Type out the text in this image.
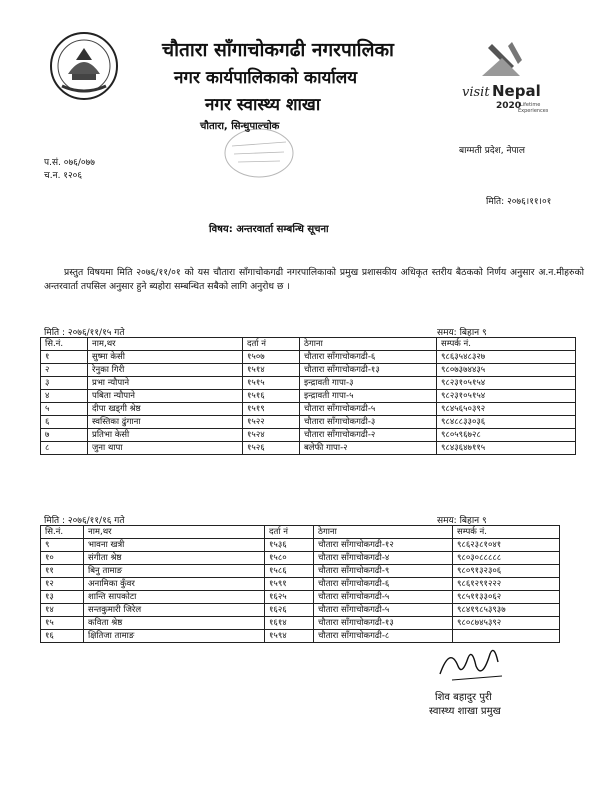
चौतारा साँगाचोकगढी नगरपालिका
नगर कार्यपालिकाको कार्यालय
नगर स्वास्थ्य शाखा
चौतारा, सिन्धुपाल्चोक
visit Nepal
2020
Lifetime
Experiences
बाग्मती प्रदेश, नेपाल
प.सं. ०७६/०७७
च.न. १२०६
मिति: २०७६।११।०१
विषय: अन्तरवार्ता सम्बन्धि सूचना
प्रस्तुत विषयमा मिति २०७६/११/०१ को यस चौतारा साँगाचोकगढी नगरपालिकाको प्रमुख प्रशासकीय अधिकृत स्तरीय बैठकको निर्णय अनुसार अ.न.मीहरुको अन्तरवार्ता तपसिल अनुसार हुने ब्यहोरा सम्बन्धित सबैको लागि अनुरोध छ ।
मिति : २०७६/११/१५ गते	समय: बिहान ९
सि.नं.	नाम,थर	दर्ता नं	ठेगाना	सम्पर्क नं.
१	सुष्मा केसी	१५०७	चौतारा साँगाचोकगढी-६	९८६३५४८३२७
२	रेनुका गिरी	१५१४	चौतारा साँगाचोकगढी-१३	९८०७३७४४३५
३	प्रभा न्यौपाने	१५१५	इन्द्रावती गापा-३	९८२३१०५१५४
४	पबिता न्यौपाने	१५१६	इन्द्रावती गापा-५	९८२३१०५१५४
५	दीपा खड्गी श्रेष्ठ	१५१९	चौतारा साँगाचोकगढी-५	९८४५६५०३९२
६	स्वस्तिका ढुंगाना	१५२२	चौतारा साँगाचोकगढी-३	९८४८८३३०३६
७	प्रतिभा केसी	१५२४	चौतारा साँगाचोकगढी-२	९८०५९६७२८
८	जुना थापा	१५२६	बलेफी गापा-२	९८४३६४७११५
मिति : २०७६/११/१६ गते	समय: बिहान ९
सि.नं.	नाम,थर	दर्ता नं	ठेगाना	सम्पर्क नं.
९	भावना खत्री	१५३६	चौतारा साँगाचोकगढी-१२	९८६२३८१०४१
१०	संगीता श्रेष्ठ	१५८०	चौतारा साँगाचोकगढी-४	९८०३०८८८८८
११	बिनु तामाङ	१५८६	चौतारा साँगाचोकगढी-९	९८०९१३२३०६
१२	अनामिका कुँवर	१५९१	चौतारा साँगाचोकगढी-६	९८६१२९१२२२
१३	शान्ति सापकोटा	१६२५	चौतारा साँगाचोकगढी-५	९८५११३३०६२
१४	सन्तकुमारी जिरेल	१६२६	चौतारा साँगाचोकगढी-५	९८४१९८५३९३७
१५	कविता श्रेष्ठ	१६१४	चौतारा साँगाचोकगढी-१३	९८०८७४५३९२
१६	क्षितिजा तामाङ	१५९४	चौतारा साँगाचोकगढी-८	
शिव बहादुर पुरी
स्वास्थ्य शाखा प्रमुख
